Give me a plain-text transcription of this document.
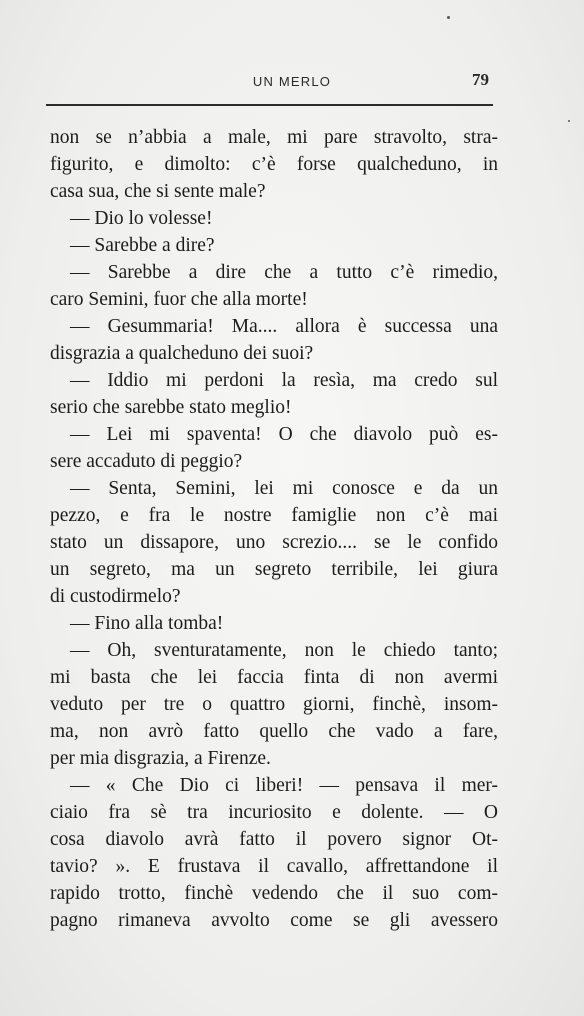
UN MERLO	79
non se n’abbia a male, mi pare stravolto, stra-
figurito, e dimolto: c’è forse qualcheduno, in
casa sua, che si sente male?
— Dio lo volesse!
— Sarebbe a dire?
— Sarebbe a dire che a tutto c’è rimedio,
caro Semini, fuor che alla morte!
— Gesummaria! Ma.... allora è successa una
disgrazia a qualcheduno dei suoi?
— Iddio mi perdoni la resìa, ma credo sul
serio che sarebbe stato meglio!
— Lei mi spaventa! O che diavolo può es-
sere accaduto di peggio?
— Senta, Semini, lei mi conosce e da un
pezzo, e fra le nostre famiglie non c’è mai
stato un dissapore, uno screzio.... se le confido
un segreto, ma un segreto terribile, lei giura
di custodirmelo?
— Fino alla tomba!
— Oh, sventuratamente, non le chiedo tanto;
mi basta che lei faccia finta di non avermi
veduto per tre o quattro giorni, finchè, insom-
ma, non avrò fatto quello che vado a fare,
per mia disgrazia, a Firenze.
— « Che Dio ci liberi! — pensava il mer-
ciaio fra sè tra incuriosito e dolente. — O
cosa diavolo avrà fatto il povero signor Ot-
tavio? ». E frustava il cavallo, affrettandone il
rapido trotto, finchè vedendo che il suo com-
pagno rimaneva avvolto come se gli avessero
